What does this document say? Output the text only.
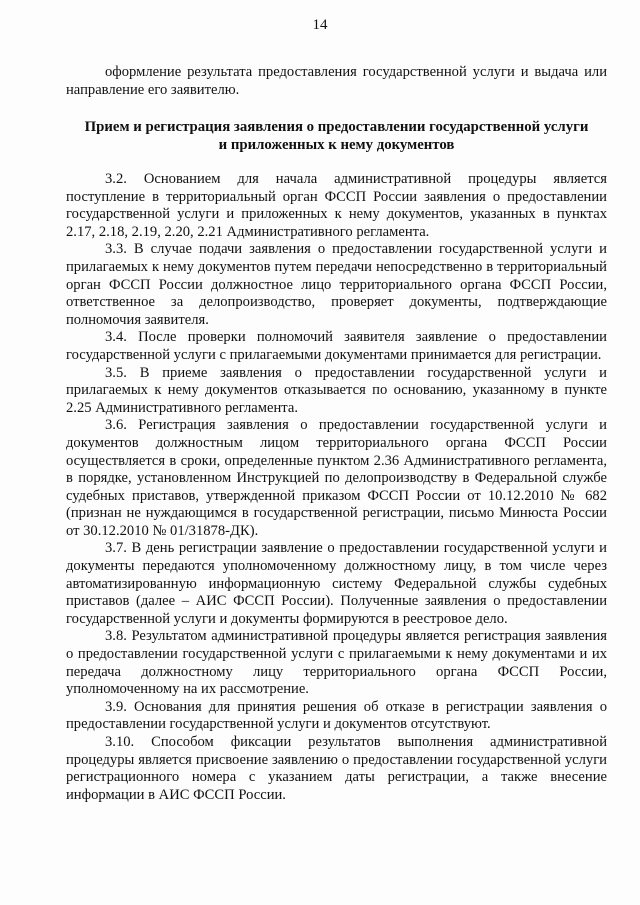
14

оформление результата предоставления государственной услуги и выдача или направление его заявителю.

Прием и регистрация заявления о предоставлении государственной услуги
и приложенных к нему документов

3.2. Основанием для начала административной процедуры является поступление в территориальный орган ФССП России заявления о предоставлении государственной услуги и приложенных к нему документов, указанных в пунктах 2.17, 2.18, 2.19, 2.20, 2.21 Административного регламента.

3.3. В случае подачи заявления о предоставлении государственной услуги и прилагаемых к нему документов путем передачи непосредственно в территориальный орган ФССП России должностное лицо территориального органа ФССП России, ответственное за делопроизводство, проверяет документы, подтверждающие полномочия заявителя.

3.4. После проверки полномочий заявителя заявление о предоставлении государственной услуги с прилагаемыми документами принимается для регистрации.

3.5. В приеме заявления о предоставлении государственной услуги и прилагаемых к нему документов отказывается по основанию, указанному в пункте 2.25 Административного регламента.

3.6. Регистрация заявления о предоставлении государственной услуги и документов должностным лицом территориального органа ФССП России осуществляется в сроки, определенные пунктом 2.36 Административного регламента, в порядке, установленном Инструкцией по делопроизводству в Федеральной службе судебных приставов, утвержденной приказом ФССП России от 10.12.2010 № 682 (признан не нуждающимся в государственной регистрации, письмо Минюста России от 30.12.2010 № 01/31878-ДК).

3.7. В день регистрации заявление о предоставлении государственной услуги и документы передаются уполномоченному должностному лицу, в том числе через автоматизированную информационную систему Федеральной службы судебных приставов (далее – АИС ФССП России). Полученные заявления о предоставлении государственной услуги и документы формируются в реестровое дело.

3.8. Результатом административной процедуры является регистрация заявления о предоставлении государственной услуги с прилагаемыми к нему документами и их передача должностному лицу территориального органа ФССП России, уполномоченному на их рассмотрение.

3.9. Основания для принятия решения об отказе в регистрации заявления о предоставлении государственной услуги и документов отсутствуют.

3.10. Способом фиксации результатов выполнения административной процедуры является присвоение заявлению о предоставлении государственной услуги регистрационного номера с указанием даты регистрации, а также внесение информации в АИС ФССП России.
